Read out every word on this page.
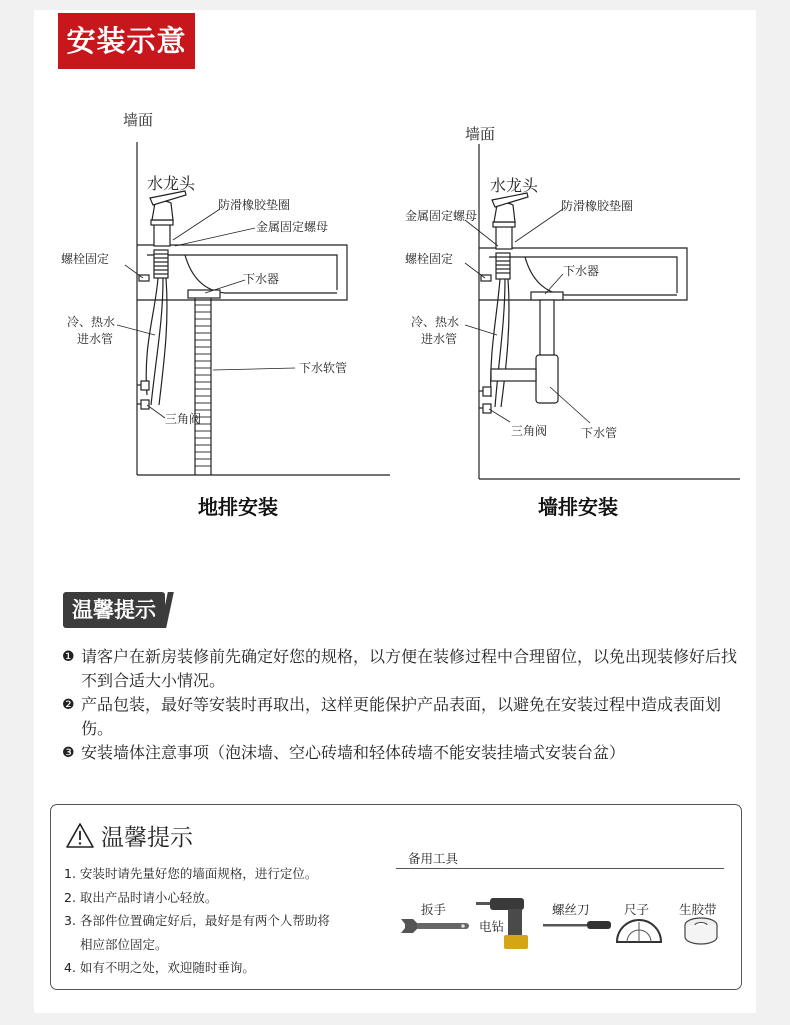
安装示意
墙面
水龙头
防滑橡胶垫圈
金属固定螺母
螺栓固定
下水器
冷、热水
进水管
下水软管
三角阀
地排安装
墙面
水龙头
防滑橡胶垫圈
金属固定螺母
螺栓固定
下水器
冷、热水
进水管
三角阀	下水管
墙排安装
温馨提示
❶ 请客户在新房装修前先确定好您的规格，以方便在装修过程中合理留位，以免出现装修好后找不到合适大小情况。
❷ 产品包装，最好等安装时再取出，这样更能保护产品表面，以避免在安装过程中造成表面划伤。
❸ 安装墙体注意事项（泡沫墙、空心砖墙和轻体砖墙不能安装挂墙式安装台盆）
温馨提示
1. 安装时请先量好您的墙面规格，进行定位。
2. 取出产品时请小心轻放。
3. 各部件位置确定好后，最好是有两个人帮助将
相应部位固定。
4. 如有不明之处，欢迎随时垂询。
备用工具
扳手
电钻
螺丝刀	尺子 生胶带
